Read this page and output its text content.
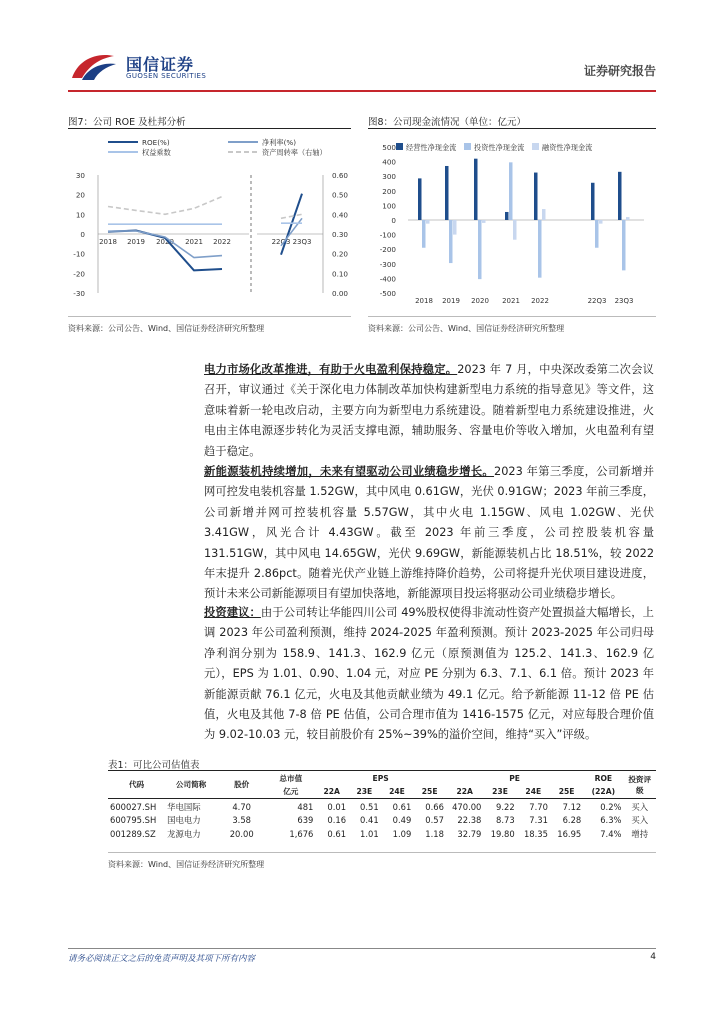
国信证券
GUOSEN SECURITIES	证券研究报告
图7：公司 ROE 及杜邦分析
ROE(%)	净利率(%)
权益乘数	资产周转率（右轴）
30
20
10
0
-10
-20
-30
0.60
0.50
0.40
0.30
0.20
0.10
0.00
2018 2019 2020 2021 2022	22Q3 23Q3
资料来源：公司公告、Wind、国信证券经济研究所整理
图8：公司现金流情况（单位：亿元）
经营性净现金流 投资性净现金流 融资性净现金流
500
400
300
200
100
0
-100
-200
-300
-400
-500
2018 2019 2020 2021 2022	22Q3 23Q3
资料来源：公司公告、Wind、国信证券经济研究所整理
电力市场化改革推进，有助于火电盈利保持稳定。2023 年 7 月，中央深改委第二次会议召开，审议通过《关于深化电力体制改革加快构建新型电力系统的指导意见》等文件，这意味着新一轮电改启动，主要方向为新型电力系统建设。随着新型电力系统建设推进，火电由主体电源逐步转化为灵活支撑电源，辅助服务、容量电价等收入增加，火电盈利有望趋于稳定。
新能源装机持续增加，未来有望驱动公司业绩稳步增长。2023 年第三季度，公司新增并网可控发电装机容量 1.52GW，其中风电 0.61GW，光伏 0.91GW；2023 年前三季度，公司新增并网可控装机容量 5.57GW，其中火电 1.15GW、风电 1.02GW、光伏 3.41GW，风光合计 4.43GW。截至 2023 年前三季度，公司控股装机容量 131.51GW，其中风电 14.65GW，光伏 9.69GW，新能源装机占比 18.51%，较 2022 年末提升 2.86pct。随着光伏产业链上游维持降价趋势，公司将提升光伏项目建设进度，预计未来公司新能源项目有望加快落地，新能源项目投运将驱动公司业绩稳步增长。
投资建议：由于公司转让华能四川公司 49%股权使得非流动性资产处置损益大幅增长，上调 2023 年公司盈利预测，维持 2024-2025 年盈利预测。预计 2023-2025 年公司归母净利润分别为 158.9、141.3、162.9 亿元（原预测值为 125.2、141.3、162.9 亿元），EPS 为 1.01、0.90、1.04 元，对应 PE 分别为 6.3、7.1、6.1 倍。预计 2023 年新能源贡献 76.1 亿元，火电及其他贡献业绩为 49.1 亿元。给予新能源 11-12 倍 PE 估值，火电及其他 7-8 倍 PE 估值，公司合理市值为 1416-1575 亿元，对应每股合理价值为 9.02-10.03 元，较目前股价有 25%~39%的溢价空间，维持“买入”评级。
表1：可比公司估值表
代码	公司简称	股价	总市值	EPS				PE				ROE	投资评级
			亿元	22A	23E	24E	25E	22A	23E	24E	25E	(22A)	
600027.SH	华电国际	4.70	481	0.01	0.51	0.61	0.66	470.00	9.22	7.70	7.12	0.2%	买入
600795.SH	国电电力	3.58	639	0.16	0.41	0.49	0.57	22.38	8.73	7.31	6.28	6.3%	买入
001289.SZ	龙源电力	20.00	1,676	0.61	1.01	1.09	1.18	32.79	19.80	18.35	16.95	7.4%	增持
资料来源：Wind、国信证券经济研究所整理
请务必阅读正文之后的免责声明及其项下所有内容	4
